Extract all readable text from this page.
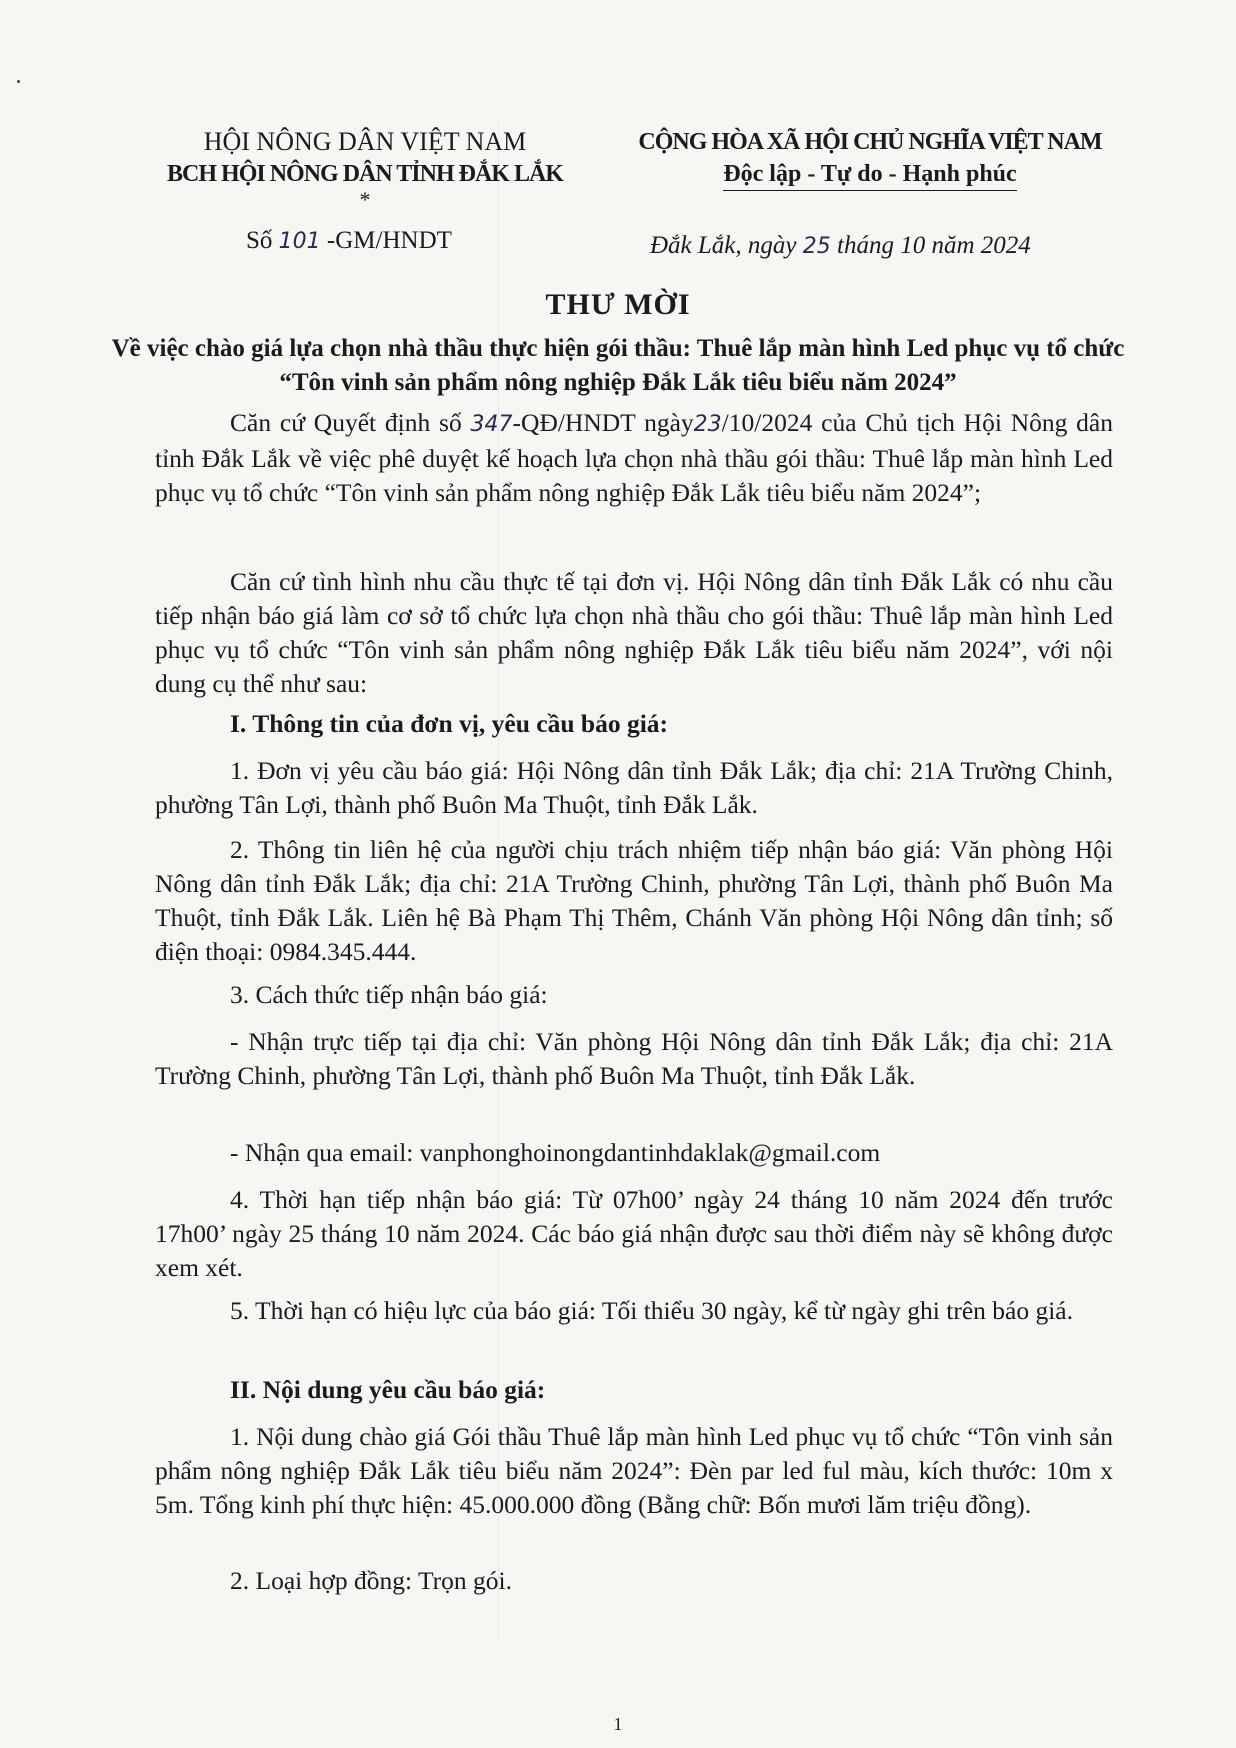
HỘI NÔNG DÂN VIỆT NAM
BCH HỘI NÔNG DÂN TỈNH ĐẮK LẮK
*
CỘNG HÒA XÃ HỘI CHỦ NGHĨA VIỆT NAM
Độc lập - Tự do - Hạnh phúc
Số 101 -GM/HNDT	Đắk Lắk, ngày 25 tháng 10 năm 2024
THƯ MỜI
Về việc chào giá lựa chọn nhà thầu thực hiện gói thầu: Thuê lắp màn hình Led phục vụ tổ chức “Tôn vinh sản phẩm nông nghiệp Đắk Lắk tiêu biểu năm 2024”
Căn cứ Quyết định số 347-QĐ/HNDT ngày23/10/2024 của Chủ tịch Hội Nông dân tỉnh Đắk Lắk về việc phê duyệt kế hoạch lựa chọn nhà thầu gói thầu: Thuê lắp màn hình Led phục vụ tổ chức “Tôn vinh sản phẩm nông nghiệp Đắk Lắk tiêu biểu năm 2024”;
Căn cứ tình hình nhu cầu thực tế tại đơn vị. Hội Nông dân tỉnh Đắk Lắk có nhu cầu tiếp nhận báo giá làm cơ sở tổ chức lựa chọn nhà thầu cho gói thầu: Thuê lắp màn hình Led phục vụ tổ chức “Tôn vinh sản phẩm nông nghiệp Đắk Lắk tiêu biểu năm 2024”, với nội dung cụ thể như sau:
I. Thông tin của đơn vị, yêu cầu báo giá:
1. Đơn vị yêu cầu báo giá: Hội Nông dân tỉnh Đắk Lắk; địa chỉ: 21A Trường Chinh, phường Tân Lợi, thành phố Buôn Ma Thuột, tỉnh Đắk Lắk.
2. Thông tin liên hệ của người chịu trách nhiệm tiếp nhận báo giá: Văn phòng Hội Nông dân tỉnh Đắk Lắk; địa chỉ: 21A Trường Chinh, phường Tân Lợi, thành phố Buôn Ma Thuột, tỉnh Đắk Lắk. Liên hệ Bà Phạm Thị Thêm, Chánh Văn phòng Hội Nông dân tỉnh; số điện thoại: 0984.345.444.
3. Cách thức tiếp nhận báo giá:
- Nhận trực tiếp tại địa chỉ: Văn phòng Hội Nông dân tỉnh Đắk Lắk; địa chỉ: 21A Trường Chinh, phường Tân Lợi, thành phố Buôn Ma Thuột, tỉnh Đắk Lắk.
- Nhận qua email: vanphonghoinongdantinhdaklak@gmail.com
4. Thời hạn tiếp nhận báo giá: Từ 07h00’ ngày 24 tháng 10 năm 2024 đến trước 17h00’ ngày 25 tháng 10 năm 2024. Các báo giá nhận được sau thời điểm này sẽ không được xem xét.
5. Thời hạn có hiệu lực của báo giá: Tối thiểu 30 ngày, kể từ ngày ghi trên báo giá.
II. Nội dung yêu cầu báo giá:
1. Nội dung chào giá Gói thầu Thuê lắp màn hình Led phục vụ tổ chức “Tôn vinh sản phẩm nông nghiệp Đắk Lắk tiêu biểu năm 2024”: Đèn par led ful màu, kích thước: 10m x 5m. Tổng kinh phí thực hiện: 45.000.000 đồng (Bằng chữ: Bốn mươi lăm triệu đồng).
2. Loại hợp đồng: Trọn gói.
1
